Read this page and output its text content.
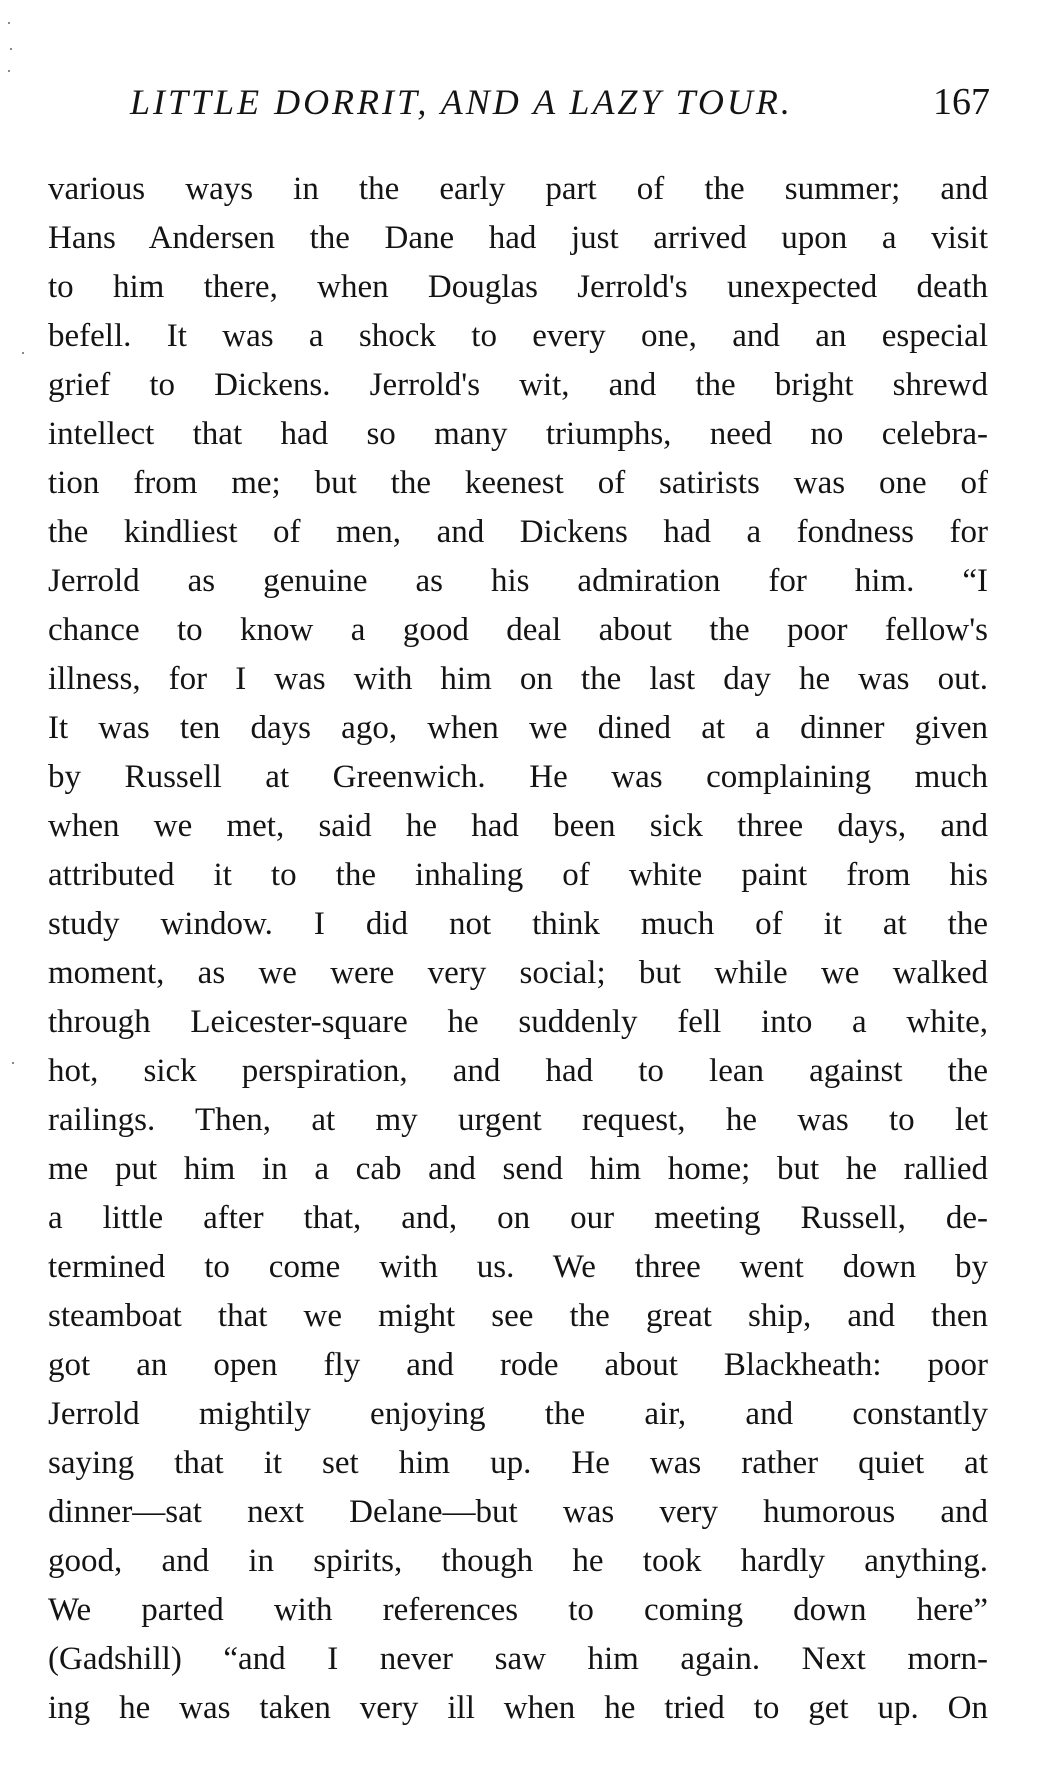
LITTLE DORRIT, AND A LAZY TOUR.	167
various ways in the early part of the summer; and
Hans Andersen the Dane had just arrived upon a visit
to him there, when Douglas Jerrold's unexpected death
befell. It was a shock to every one, and an especial
grief to Dickens. Jerrold's wit, and the bright shrewd
intellect that had so many triumphs, need no celebra-
tion from me; but the keenest of satirists was one of
the kindliest of men, and Dickens had a fondness for
Jerrold as genuine as his admiration for him. “I
chance to know a good deal about the poor fellow's
illness, for I was with him on the last day he was out.
It was ten days ago, when we dined at a dinner given
by Russell at Greenwich. He was complaining much
when we met, said he had been sick three days, and
attributed it to the inhaling of white paint from his
study window. I did not think much of it at the
moment, as we were very social; but while we walked
through Leicester-square he suddenly fell into a white,
hot, sick perspiration, and had to lean against the
railings. Then, at my urgent request, he was to let
me put him in a cab and send him home; but he rallied
a little after that, and, on our meeting Russell, de-
termined to come with us. We three went down by
steamboat that we might see the great ship, and then
got an open fly and rode about Blackheath: poor
Jerrold mightily enjoying the air, and constantly
saying that it set him up. He was rather quiet at
dinner—sat next Delane—but was very humorous and
good, and in spirits, though he took hardly anything.
We parted with references to coming down here”
(Gadshill) “and I never saw him again. Next morn-
ing he was taken very ill when he tried to get up. On
